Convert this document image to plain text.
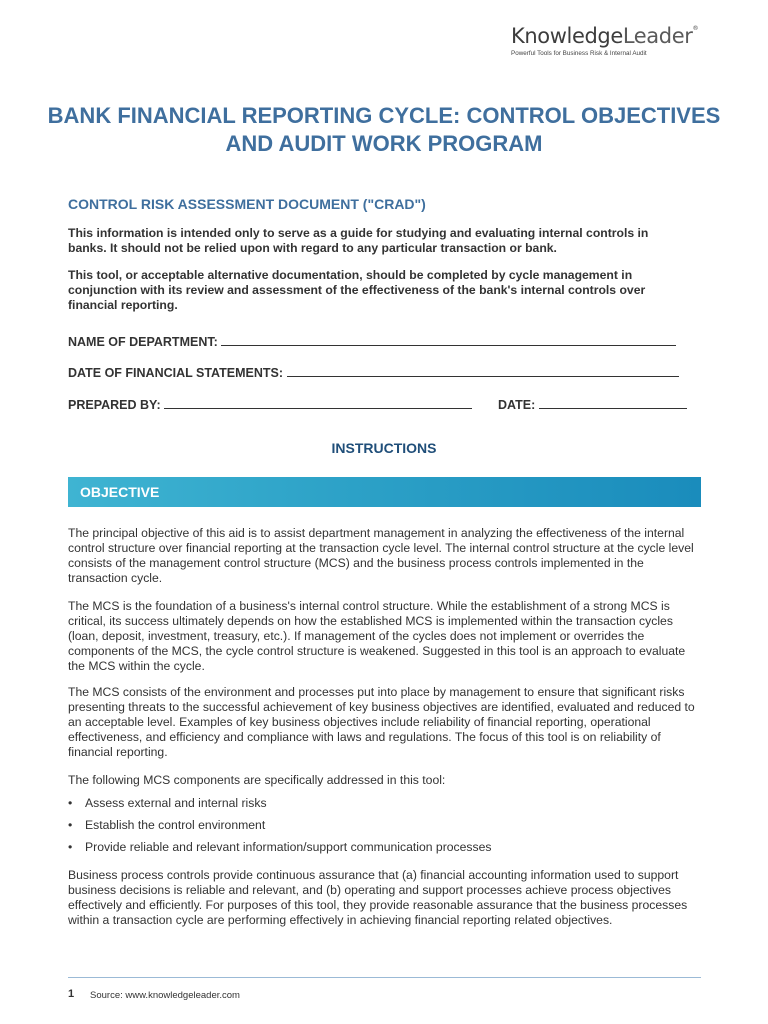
KnowledgeLeader®
Powerful Tools for Business Risk & Internal Audit
BANK FINANCIAL REPORTING CYCLE: CONTROL OBJECTIVES AND AUDIT WORK PROGRAM
CONTROL RISK ASSESSMENT DOCUMENT ("CRAD")

This information is intended only to serve as a guide for studying and evaluating internal controls in banks. It should not be relied upon with regard to any particular transaction or bank.

This tool, or acceptable alternative documentation, should be completed by cycle management in conjunction with its review and assessment of the effectiveness of the bank's internal controls over financial reporting.

NAME OF DEPARTMENT:
DATE OF FINANCIAL STATEMENTS:
PREPARED BY:	DATE:
INSTRUCTIONS
OBJECTIVE

The principal objective of this aid is to assist department management in analyzing the effectiveness of the internal control structure over financial reporting at the transaction cycle level. The internal control structure at the cycle level consists of the management control structure (MCS) and the business process controls implemented in the transaction cycle.

The MCS is the foundation of a business's internal control structure. While the establishment of a strong MCS is critical, its success ultimately depends on how the established MCS is implemented within the transaction cycles (loan, deposit, investment, treasury, etc.). If management of the cycles does not implement or overrides the components of the MCS, the cycle control structure is weakened. Suggested in this tool is an approach to evaluate the MCS within the cycle.

The MCS consists of the environment and processes put into place by management to ensure that significant risks presenting threats to the successful achievement of key business objectives are identified, evaluated and reduced to an acceptable level. Examples of key business objectives include reliability of financial reporting, operational effectiveness, and efficiency and compliance with laws and regulations. The focus of this tool is on reliability of financial reporting.

The following MCS components are specifically addressed in this tool:

• Assess external and internal risks
• Establish the control environment
• Provide reliable and relevant information/support communication processes

Business process controls provide continuous assurance that (a) financial accounting information used to support business decisions is reliable and relevant, and (b) operating and support processes achieve process objectives effectively and efficiently. For purposes of this tool, they provide reasonable assurance that the business processes within a transaction cycle are performing effectively in achieving financial reporting related objectives.

1 Source: www.knowledgeleader.com
